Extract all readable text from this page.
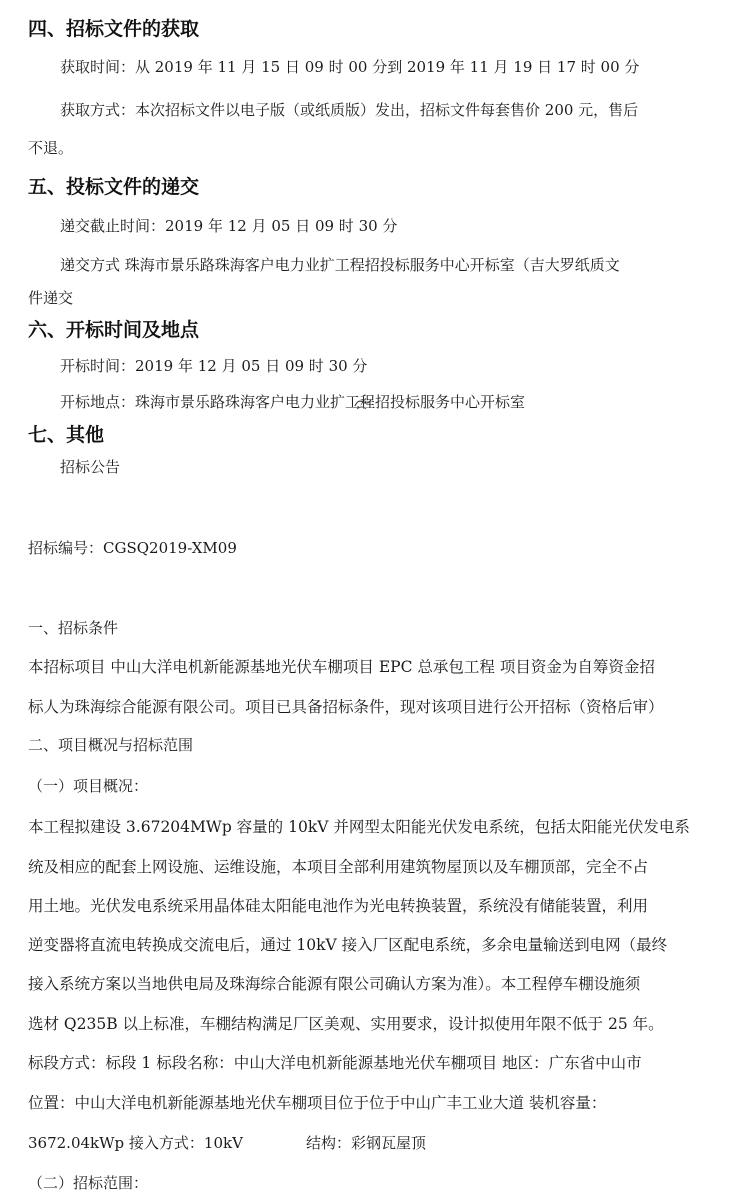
四、招标文件的获取
获取时间：从 2019 年 11 月 15 日 09 时 00 分到 2019 年 11 月 19 日 17 时 00 分
获取方式：本次招标文件以电子版（或纸质版）发出，招标文件每套售价 200 元，售后
不退。
五、投标文件的递交
递交截止时间：2019 年 12 月 05 日 09 时 30 分
递交方式 珠海市景乐路珠海客户电力业扩工程招投标服务中心开标室（吉大罗纸质文
件递交
六、开标时间及地点
开标时间：2019 年 12 月 05 日 09 时 30 分
开标地点：珠海市景乐路珠海客户电力业扩工程招投标服务中心开标室
七、其他
招标公告
招标编号：CGSQ2019-XM09
一、招标条件
本招标项目 中山大洋电机新能源基地光伏车棚项目 EPC 总承包工程 项目资金为自筹资金招
标人为珠海综合能源有限公司。项目已具备招标条件，现对该项目进行公开招标（资格后审）
二、项目概况与招标范围
（一）项目概况：
本工程拟建设 3.67204MWp 容量的 10kV 并网型太阳能光伏发电系统，包括太阳能光伏发电系
统及相应的配套上网设施、运维设施，本项目全部利用建筑物屋顶以及车棚顶部，完全不占
用土地。光伏发电系统采用晶体硅太阳能电池作为光电转换装置，系统没有储能装置，利用
逆变器将直流电转换成交流电后，通过 10kV 接入厂区配电系统，多余电量输送到电网（最终
接入系统方案以当地供电局及珠海综合能源有限公司确认方案为准）。本工程停车棚设施须
选材 Q235B 以上标准，车棚结构满足厂区美观、实用要求，设计拟使用年限不低于 25 年。
标段方式：标段 1 标段名称：中山大洋电机新能源基地光伏车棚项目 地区：广东省中山市
位置：中山大洋电机新能源基地光伏车棚项目位于位于中山广丰工业大道 装机容量：
3672.04kWp 接入方式：10kV	结构：彩钢瓦屋顶
（二）招标范围：
